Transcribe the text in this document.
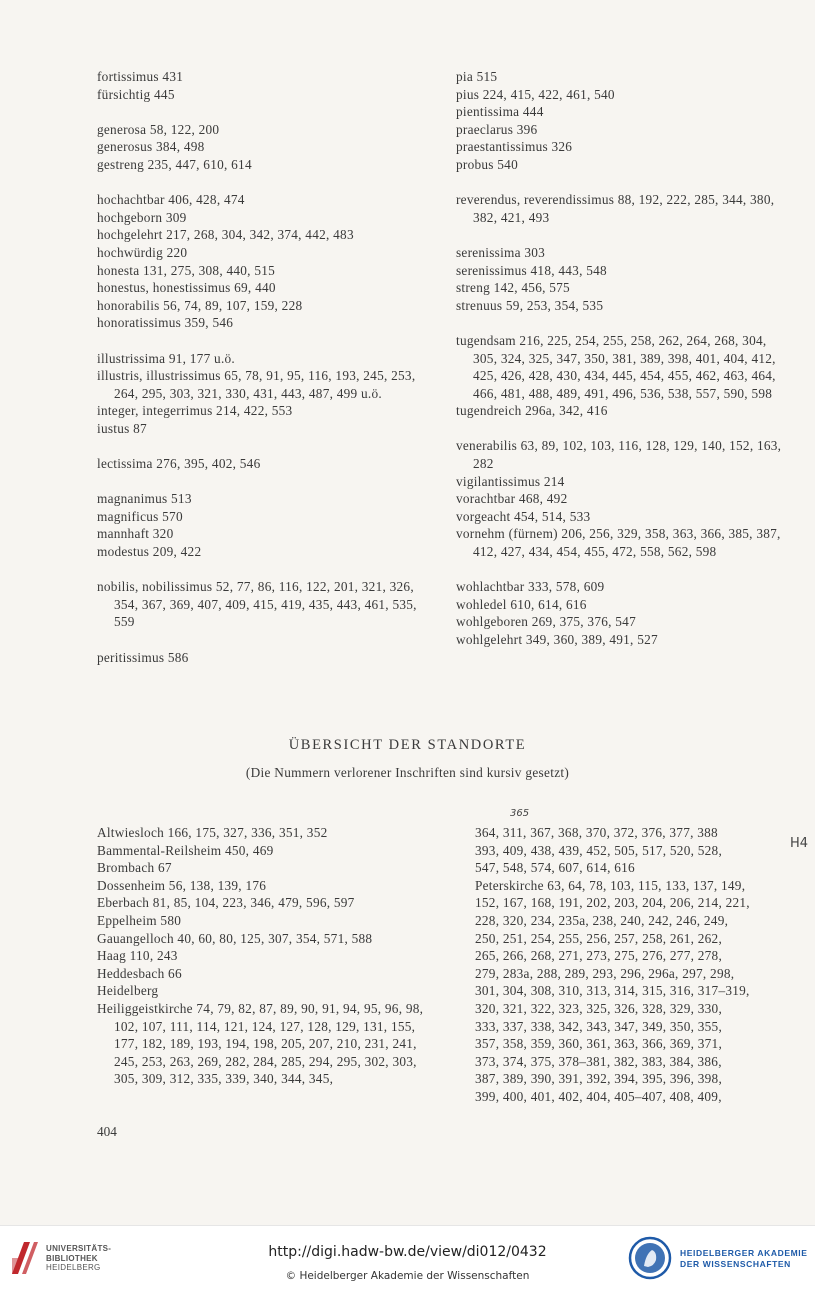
fortissimus 431
fürsichtig 445
generosa 58, 122, 200
generosus 384, 498
gestreng 235, 447, 610, 614
hochachtbar 406, 428, 474
hochgeborn 309
hochgelehrt 217, 268, 304, 342, 374, 442, 483
hochwürdig 220
honesta 131, 275, 308, 440, 515
honestus, honestissimus 69, 440
honorabilis 56, 74, 89, 107, 159, 228
honoratissimus 359, 546
illustrissima 91, 177 u.ö.
illustris, illustrissimus 65, 78, 91, 95, 116, 193, 245, 253, 264, 295, 303, 321, 330, 431, 443, 487, 499 u.ö.
integer, integerrimus 214, 422, 553
iustus 87
lectissima 276, 395, 402, 546
magnanimus 513
magnificus 570
mannhaft 320
modestus 209, 422
nobilis, nobilissimus 52, 77, 86, 116, 122, 201, 321, 326, 354, 367, 369, 407, 409, 415, 419, 435, 443, 461, 535, 559
peritissimus 586
pia 515
pius 224, 415, 422, 461, 540
pientissima 444
praeclarus 396
praestantissimus 326
probus 540
reverendus, reverendissimus 88, 192, 222, 285, 344, 380, 382, 421, 493
serenissima 303
serenissimus 418, 443, 548
streng 142, 456, 575
strenuus 59, 253, 354, 535
tugendsam 216, 225, 254, 255, 258, 262, 264, 268, 304, 305, 324, 325, 347, 350, 381, 389, 398, 401, 404, 412, 425, 426, 428, 430, 434, 445, 454, 455, 462, 463, 464, 466, 481, 488, 489, 491, 496, 536, 538, 557, 590, 598
tugendreich 296a, 342, 416
venerabilis 63, 89, 102, 103, 116, 128, 129, 140, 152, 163, 282
vigilantissimus 214
vorachtbar 468, 492
vorgeacht 454, 514, 533
vornehm (fürnem) 206, 256, 329, 358, 363, 366, 385, 387, 412, 427, 434, 454, 455, 472, 558, 562, 598
wohlachtbar 333, 578, 609
wohledel 610, 614, 616
wohlgeboren 269, 375, 376, 547
wohlgelehrt 349, 360, 389, 491, 527
ÜBERSICHT DER STANDORTE
(Die Nummern verlorener Inschriften sind kursiv gesetzt)
365
Altwiesloch 166, 175, 327, 336, 351, 352
Bammental-Reilsheim 450, 469
Brombach 67
Dossenheim 56, 138, 139, 176
Eberbach 81, 85, 104, 223, 346, 479, 596, 597
Eppelheim 580
Gauangelloch 40, 60, 80, 125, 307, 354, 571, 588
Haag 110, 243
Heddesbach 66
Heidelberg
Heiliggeistkirche 74, 79, 82, 87, 89, 90, 91, 94, 95, 96, 98, 102, 107, 111, 114, 121, 124, 127, 128, 129, 131, 155, 177, 182, 189, 193, 194, 198, 205, 207, 210, 231, 241, 245, 253, 263, 269, 282, 284, 285, 294, 295, 302, 303, 305, 309, 312, 335, 339, 340, 344, 345,
364, 311, 367, 368, 370, 372, 376, 377, 388
393, 409, 438, 439, 452, 505, 517, 520, 528,
547, 548, 574, 607, 614, 616
Peterskirche 63, 64, 78, 103, 115, 133, 137, 149,
152, 167, 168, 191, 202, 203, 204, 206, 214, 221,
228, 320, 234, 235a, 238, 240, 242, 246, 249,
250, 251, 254, 255, 256, 257, 258, 261, 262,
265, 266, 268, 271, 273, 275, 276, 277, 278,
279, 283a, 288, 289, 293, 296, 296a, 297, 298,
301, 304, 308, 310, 313, 314, 315, 316, 317–319,
320, 321, 322, 323, 325, 326, 328, 329, 330,
333, 337, 338, 342, 343, 347, 349, 350, 355,
357, 358, 359, 360, 361, 363, 366, 369, 371,
373, 374, 375, 378–381, 382, 383, 384, 386,
387, 389, 390, 391, 392, 394, 395, 396, 398,
399, 400, 401, 402, 404, 405–407, 408, 409,
H4
404
UNIVERSITÄTS-
BIBLIOTHEK
HEIDELBERG
http://digi.hadw-bw.de/view/di012/0432
© Heidelberger Akademie der Wissenschaften
HEIDELBERGER AKADEMIE
DER WISSENSCHAFTEN
